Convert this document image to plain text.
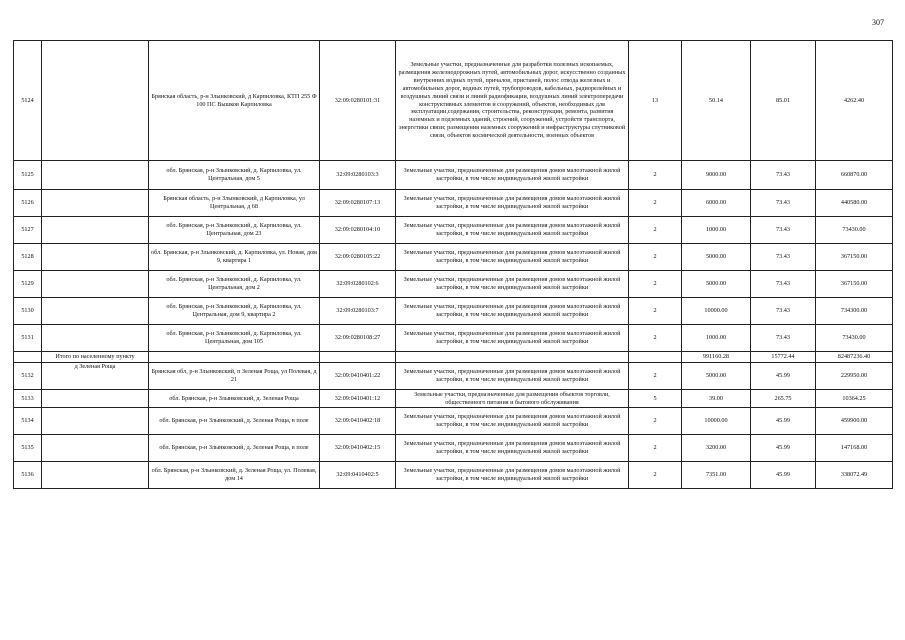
307
5124		Брянская область, р-н Злынковский, д Карпиловка, КТП 255 Ф 100 ПС Вышков Карпиловка	32:09:0280101:31	Земельные участки, предназначенные для разработки полезных ископаемых, размещения железнодорожных путей, автомобильных дорог, искусственно созданных внутренних водных путей, причалов, пристаней, полос отвода железных и автомобильных дорог, водных путей, трубопроводов, кабельных, радиорелейных и воздушных линий связи и линий радиофикации, воздушных линий электропередачи конструктивных элементов и сооружений, объектов, необходимых для эксплуатации,содержания, строительства, реконструкции, ремонта, развития наземных и подземных зданий, строений, сооружений, устройств транспорта, энергетики связи; размещения наземных сооружений и инфраструктуры спутниковой связи, объектов космической деятельности, военных объектов	13	50.14	85.01	4262.40
5125		обл. Брянская, р-н Злынковский, д. Карпиловка, ул. Центральная, дом 5	32:09:0280103:3	Земельные участки, предназначенные для размещения домов малоэтажной жилой застройки, в том числе индивидуальной жилой застройки	2	9000.00	73.43	660870.00
5126		Брянская область, р-н Злынковский, д Карпиловка, ул Центральная, д 68	32:09:0280107:13	Земельные участки, предназначенные для размещения домов малоэтажной жилой застройки, в том числе индивидуальной жилой застройки	2	6000.00	73.43	440580.00
5127		обл. Брянская, р-н Злынковский, д. Карпиловка, ул. Центральная, дом 23	32:09:0280104:10	Земельные участки, предназначенные для размещения домов малоэтажной жилой застройки, в том числе индивидуальной жилой застройки	2	1000.00	73.43	73430.00
5128		обл. Брянская, р-н Злынковский, д. Карпиловка, ул. Новая, дом 9, квартира 1	32:09:0280105:22	Земельные участки, предназначенные для размещения домов малоэтажной жилой застройки, в том числе индивидуальной жилой застройки	2	5000.00	73.43	367150.00
5129		обл. Брянская, р-н Злынковский, д. Карпиловка, ул. Центральная, дом 2	32:09:0280102:6	Земельные участки, предназначенные для размещения домов малоэтажной жилой застройки, в том числе индивидуальной жилой застройки	2	5000.00	73.43	367150.00
5130		обл. Брянская, р-н Злынковский, д. Карпиловка, ул. Центральная, дом 9, квартира 2	32:09:0280103:7	Земельные участки, предназначенные для размещения домов малоэтажной жилой застройки, в том числе индивидуальной жилой застройки	2	10000.00	73.43	734300.00
5131		обл. Брянская, р-н Злынковский, д. Карпиловка, ул. Центральная, дом 105	32:09:0280108:27	Земельные участки, предназначенные для размещения домов малоэтажной жилой застройки, в том числе индивидуальной жилой застройки	2	1000.00	73.43	73430.00
	Итого по населенному пункту					991160.28	15772.44	82487236.40
5132	д Зеленая Роща	Брянская обл, р-н Злынковский, п Зеленая Роща, ул Полевая, д 21	32:09:0410401:22	Земельные участки, предназначенные для размещения домов малоэтажной жилой застройки, в том числе индивидуальной жилой застройки	2	5000.00	45.99	229950.00
5133		обл. Брянская, р-н Злынковский, д. Зеленая Роща	32:09:0410401:12	Земельные участки, предназначенные для размещения объектов торговли, общественного питания и бытового обслуживания	5	39.00	265.75	10364.25
5134		обл. Брянская, р-н Злынковский, д. Зеленая Роща, в поле	32:09:0410402:18	Земельные участки, предназначенные для размещения домов малоэтажной жилой застройки, в том числе индивидуальной жилой застройки	2	10000.00	45.99	459900.00
5135		обл. Брянская, р-н Злынковский, д. Зеленая Роща, в поле	32:09:0410402:15	Земельные участки, предназначенные для размещения домов малоэтажной жилой застройки, в том числе индивидуальной жилой застройки	2	3200.00	45.99	147168.00
5136		обл. Брянская, р-н Злынковский, д. Зеленая Роща, ул. Полевая, дом 14	32:09:0410402:5	Земельные участки, предназначенные для размещения домов малоэтажной жилой застройки, в том числе индивидуальной жилой застройки	2	7351.00	45.99	338072.49
